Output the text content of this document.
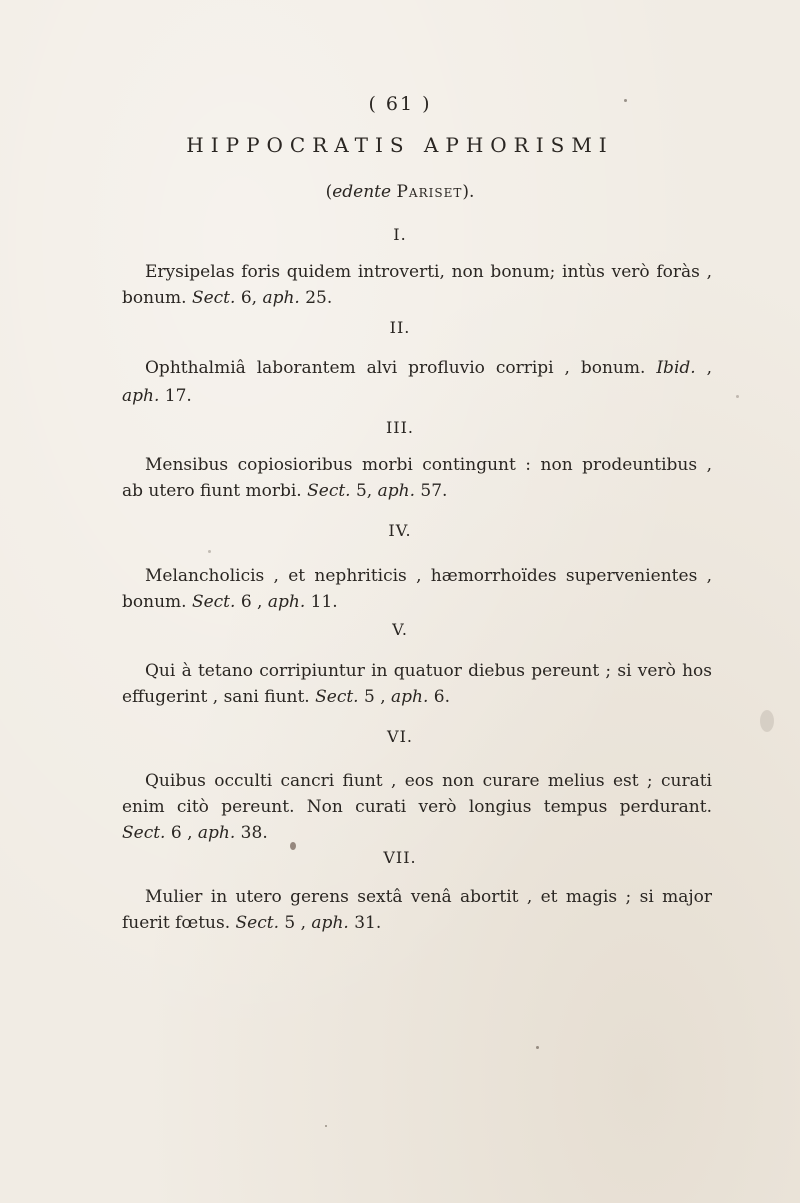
( 61 )
HIPPOCRATIS APHORISMI
(edente Pariset).
I.
Erysipelas foris quidem introverti, non bonum; intùs verò foràs ,
bonum. Sect. 6, aph. 25.
II.
Ophthalmiâ laborantem alvi profluvio corripi , bonum. Ibid. ,
aph. 17.
III.
Mensibus copiosioribus morbi contingunt : non prodeuntibus ,
ab utero fiunt morbi. Sect. 5, aph. 57.
IV.
Melancholicis , et nephriticis , hæmorrhoïdes supervenientes ,
bonum. Sect. 6 , aph. 11.
V.
Qui à tetano corripiuntur in quatuor diebus pereunt ; si verò hos
effugerint , sani fiunt. Sect. 5 , aph. 6.
VI.
Quibus occulti cancri fiunt , eos non curare melius est ; curati
enim citò pereunt. Non curati verò longius tempus perdurant.
Sect. 6 , aph. 38.
VII.
Mulier in utero gerens sextâ venâ abortit , et magis ; si major
fuerit fœtus. Sect. 5 , aph. 31.
